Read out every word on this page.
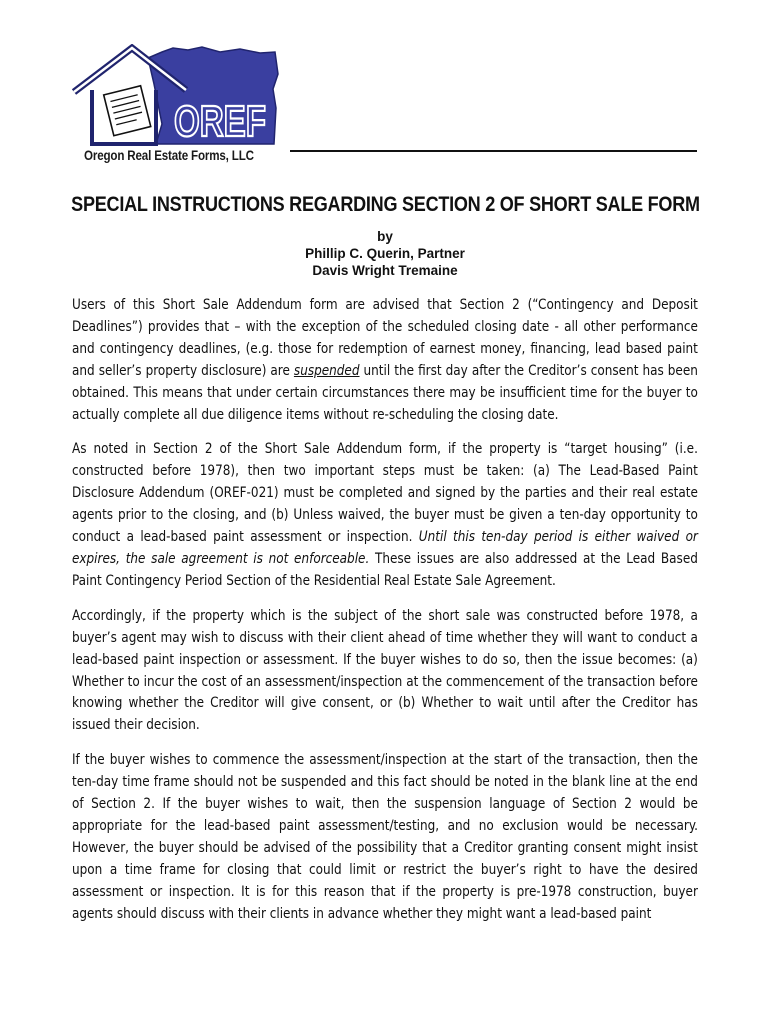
OREF
Oregon Real Estate Forms, LLC
SPECIAL INSTRUCTIONS REGARDING SECTION 2 OF SHORT SALE FORM
by
Phillip C. Querin, Partner
Davis Wright Tremaine

Users of this Short Sale Addendum form are advised that Section 2 (“Contingency and Deposit Deadlines”) provides that – with the exception of the scheduled closing date - all other performance and contingency deadlines, (e.g. those for redemption of earnest money, financing, lead based paint and seller’s property disclosure) are suspended until the first day after the Creditor’s consent has been obtained. This means that under certain circumstances there may be insufficient time for the buyer to actually complete all due diligence items without re-scheduling the closing date.

As noted in Section 2 of the Short Sale Addendum form, if the property is “target housing” (i.e. constructed before 1978), then two important steps must be taken: (a) The Lead-Based Paint Disclosure Addendum (OREF-021) must be completed and signed by the parties and their real estate agents prior to the closing, and (b) Unless waived, the buyer must be given a ten-day opportunity to conduct a lead-based paint assessment or inspection. Until this ten-day period is either waived or expires, the sale agreement is not enforceable. These issues are also addressed at the Lead Based Paint Contingency Period Section of the Residential Real Estate Sale Agreement.

Accordingly, if the property which is the subject of the short sale was constructed before 1978, a buyer’s agent may wish to discuss with their client ahead of time whether they will want to conduct a lead-based paint inspection or assessment. If the buyer wishes to do so, then the issue becomes: (a) Whether to incur the cost of an assessment/inspection at the commencement of the transaction before knowing whether the Creditor will give consent, or (b) Whether to wait until after the Creditor has issued their decision.

If the buyer wishes to commence the assessment/inspection at the start of the transaction, then the ten-day time frame should not be suspended and this fact should be noted in the blank line at the end of Section 2. If the buyer wishes to wait, then the suspension language of Section 2 would be appropriate for the lead-based paint assessment/testing, and no exclusion would be necessary. However, the buyer should be advised of the possibility that a Creditor granting consent might insist upon a time frame for closing that could limit or restrict the buyer’s right to have the desired assessment or inspection. It is for this reason that if the property is pre-1978 construction, buyer agents should discuss with their clients in advance whether they might want a lead-based paint
